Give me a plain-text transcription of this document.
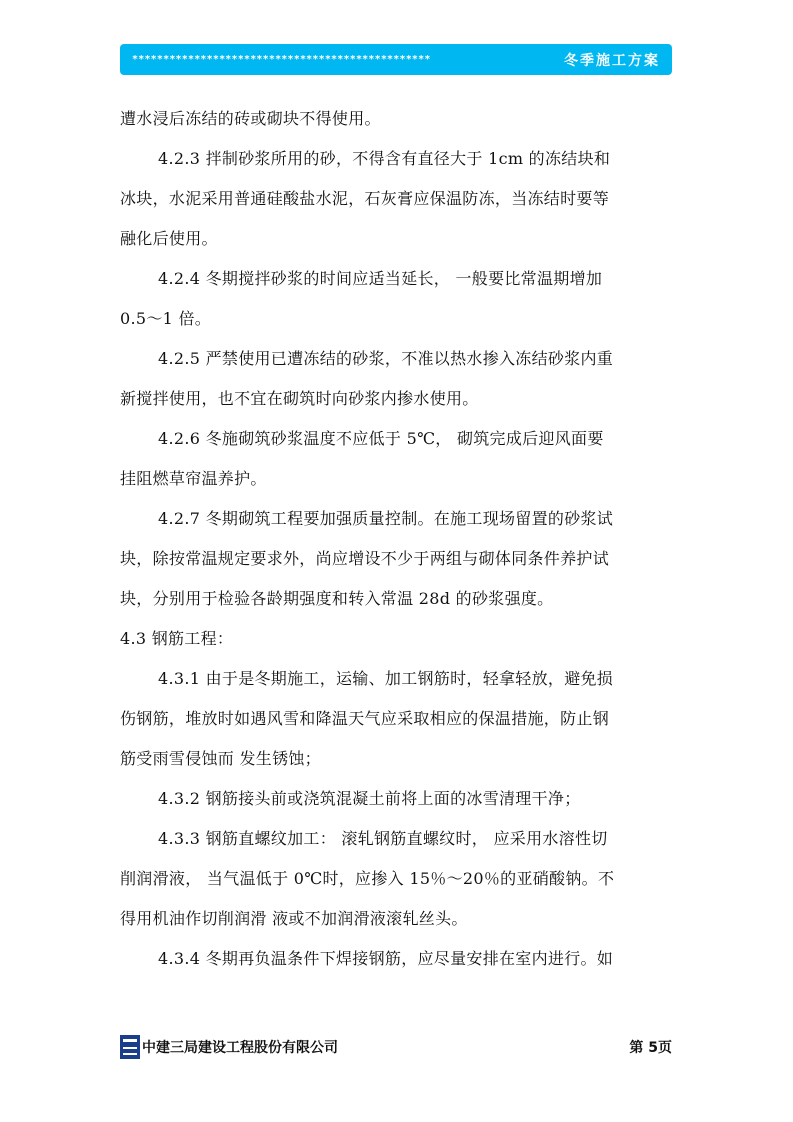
************************************************	冬季施工方案
遭水浸后冻结的砖或砌块不得使用。
4.2.3 拌制砂浆所用的砂，不得含有直径大于 1cm 的冻结块和
冰块，水泥采用普通硅酸盐水泥，石灰膏应保温防冻，当冻结时要等
融化后使用。
4.2.4 冬期搅拌砂浆的时间应适当延长， 一般要比常温期增加
0.5～1 倍。
4.2.5 严禁使用已遭冻结的砂浆，不准以热水掺入冻结砂浆内重
新搅拌使用，也不宜在砌筑时向砂浆内掺水使用。
4.2.6 冬施砌筑砂浆温度不应低于 5℃， 砌筑完成后迎风面要
挂阻燃草帘温养护。
4.2.7 冬期砌筑工程要加强质量控制。在施工现场留置的砂浆试
块，除按常温规定要求外，尚应增设不少于两组与砌体同条件养护试
块，分别用于检验各龄期强度和转入常温 28d 的砂浆强度。
4.3 钢筋工程：
4.3.1 由于是冬期施工，运输、加工钢筋时，轻拿轻放，避免损
伤钢筋，堆放时如遇风雪和降温天气应采取相应的保温措施，防止钢
筋受雨雪侵蚀而 发生锈蚀；
4.3.2 钢筋接头前或浇筑混凝土前将上面的冰雪清理干净；
4.3.3 钢筋直螺纹加工： 滚轧钢筋直螺纹时， 应采用水溶性切
削润滑液， 当气温低于 0℃时，应掺入 15％～20％的亚硝酸钠。不
得用机油作切削润滑 液或不加润滑液滚轧丝头。
4.3.4 冬期再负温条件下焊接钢筋，应尽量安排在室内进行。如
中建三局建设工程股份有限公司	第 5页
